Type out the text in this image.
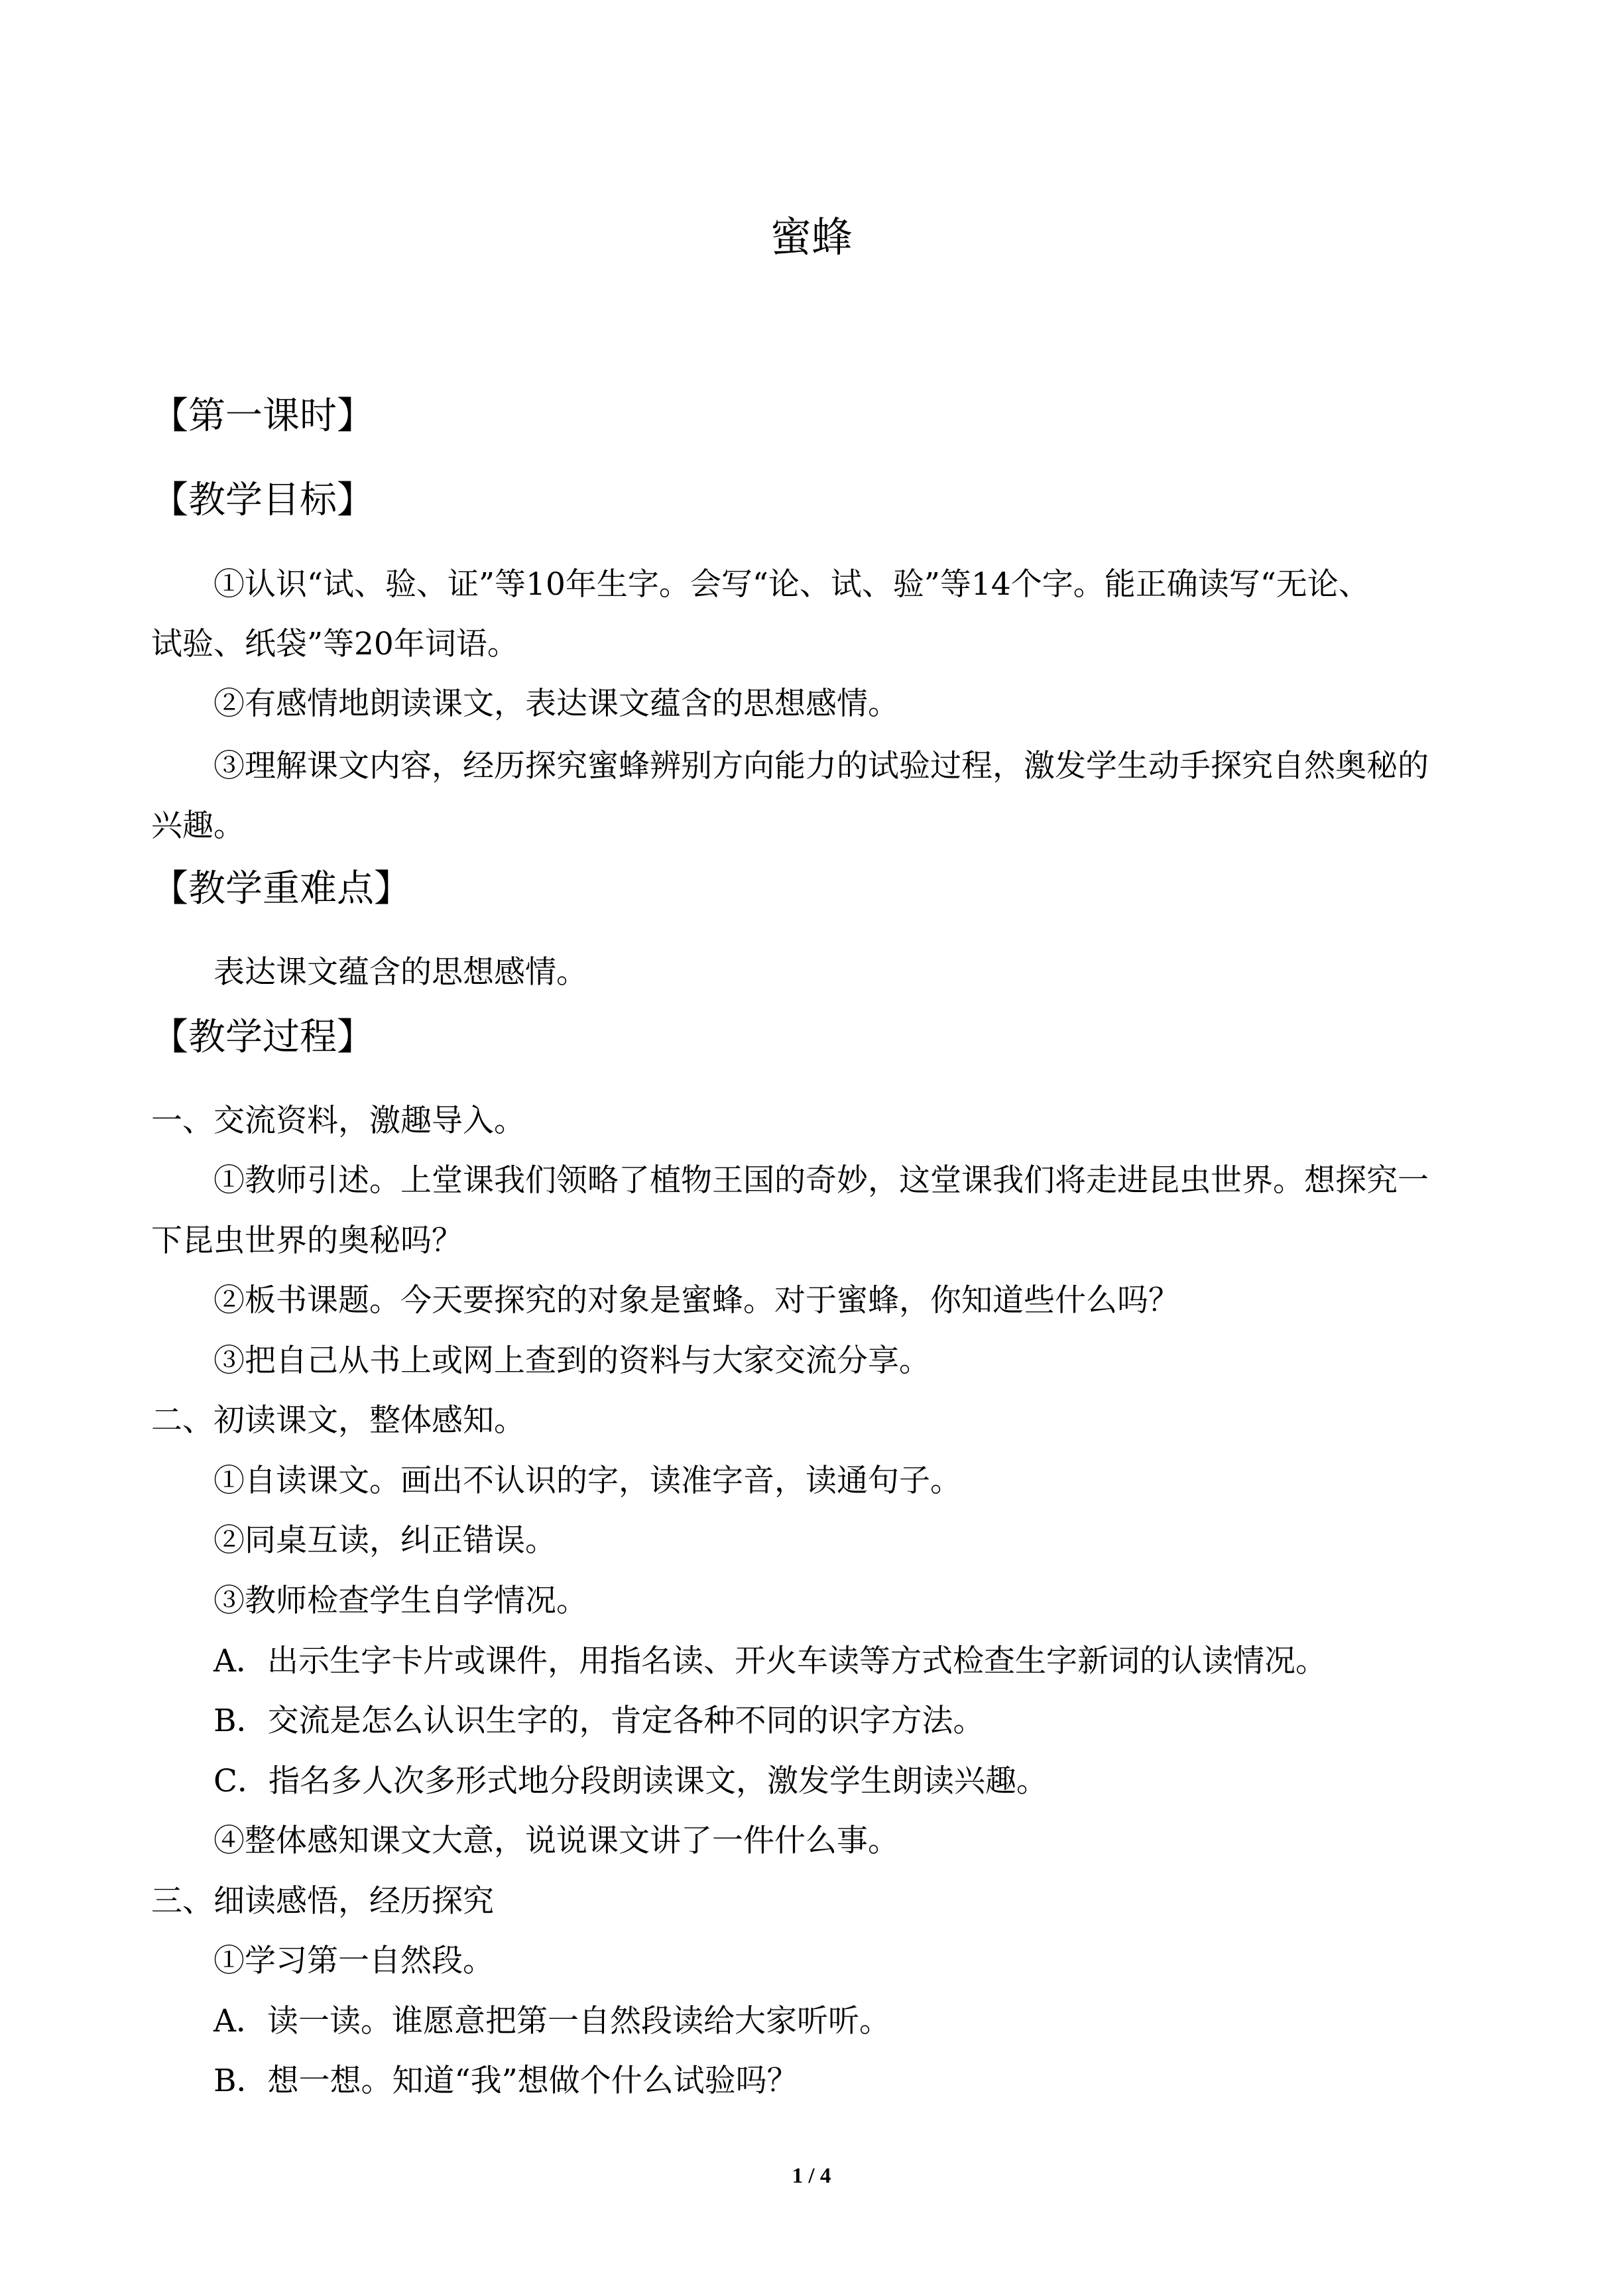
蜜蜂
【第一课时】
【教学目标】
①认识“试、验、证”等10年生字。会写“论、试、验”等14个字。能正确读写“无论、
试验、纸袋”等20年词语。
②有感情地朗读课文，表达课文蕴含的思想感情。
③理解课文内容，经历探究蜜蜂辨别方向能力的试验过程，激发学生动手探究自然奥秘的
兴趣。
【教学重难点】
表达课文蕴含的思想感情。
【教学过程】
一、交流资料，激趣导入。
①教师引述。上堂课我们领略了植物王国的奇妙，这堂课我们将走进昆虫世界。想探究一
下昆虫世界的奥秘吗？
②板书课题。今天要探究的对象是蜜蜂。对于蜜蜂，你知道些什么吗？
③把自己从书上或网上查到的资料与大家交流分享。
二、初读课文，整体感知。
①自读课文。画出不认识的字，读准字音，读通句子。
②同桌互读，纠正错误。
③教师检查学生自学情况。
A．出示生字卡片或课件，用指名读、开火车读等方式检查生字新词的认读情况。
B．交流是怎么认识生字的，肯定各种不同的识字方法。
C．指名多人次多形式地分段朗读课文，激发学生朗读兴趣。
④整体感知课文大意，说说课文讲了一件什么事。
三、细读感悟，经历探究
①学习第一自然段。
A．读一读。谁愿意把第一自然段读给大家听听。
B．想一想。知道“我”想做个什么试验吗？
1 / 4
